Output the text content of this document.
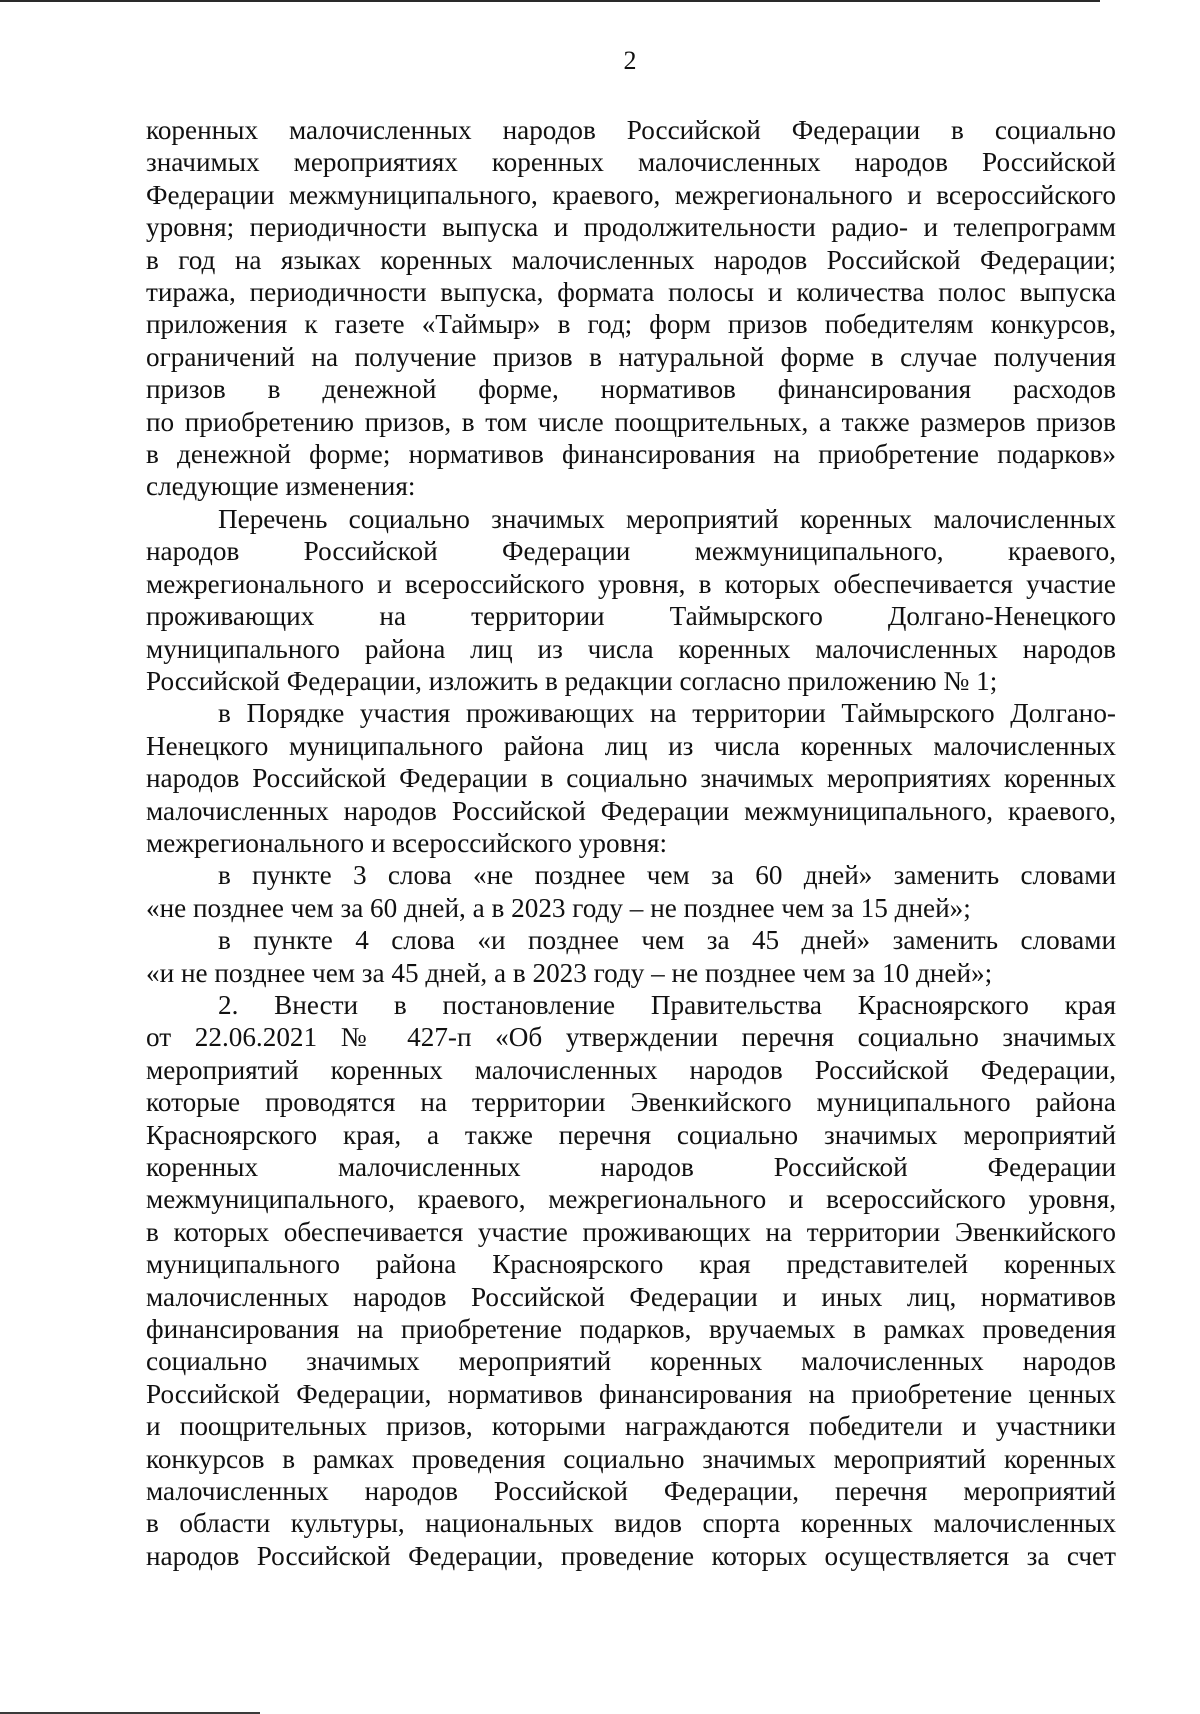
2
коренных малочисленных народов Российской Федерации в социально
значимых мероприятиях коренных малочисленных народов Российской
Федерации межмуниципального, краевого, межрегионального и всероссийского
уровня; периодичности выпуска и продолжительности радио- и телепрограмм
в год на языках коренных малочисленных народов Российской Федерации;
тиража, периодичности выпуска, формата полосы и количества полос выпуска
приложения к газете «Таймыр» в год; форм призов победителям конкурсов,
ограничений на получение призов в натуральной форме в случае получения
призов в денежной форме, нормативов финансирования расходов
по приобретению призов, в том числе поощрительных, а также размеров призов
в денежной форме; нормативов финансирования на приобретение подарков»
следующие изменения:
Перечень социально значимых мероприятий коренных малочисленных
народов Российской Федерации межмуниципального, краевого,
межрегионального и всероссийского уровня, в которых обеспечивается участие
проживающих на территории Таймырского Долгано-Ненецкого
муниципального района лиц из числа коренных малочисленных народов
Российской Федерации, изложить в редакции согласно приложению № 1;
в Порядке участия проживающих на территории Таймырского Долгано-
Ненецкого муниципального района лиц из числа коренных малочисленных
народов Российской Федерации в социально значимых мероприятиях коренных
малочисленных народов Российской Федерации межмуниципального, краевого,
межрегионального и всероссийского уровня:
в пункте 3 слова «не позднее чем за 60 дней» заменить словами
«не позднее чем за 60 дней, а в 2023 году – не позднее чем за 15 дней»;
в пункте 4 слова «и позднее чем за 45 дней» заменить словами
«и не позднее чем за 45 дней, а в 2023 году – не позднее чем за 10 дней»;
2. Внести в постановление Правительства Красноярского края
от 22.06.2021 № 427-п «Об утверждении перечня социально значимых
мероприятий коренных малочисленных народов Российской Федерации,
которые проводятся на территории Эвенкийского муниципального района
Красноярского края, а также перечня социально значимых мероприятий
коренных малочисленных народов Российской Федерации
межмуниципального, краевого, межрегионального и всероссийского уровня,
в которых обеспечивается участие проживающих на территории Эвенкийского
муниципального района Красноярского края представителей коренных
малочисленных народов Российской Федерации и иных лиц, нормативов
финансирования на приобретение подарков, вручаемых в рамках проведения
социально значимых мероприятий коренных малочисленных народов
Российской Федерации, нормативов финансирования на приобретение ценных
и поощрительных призов, которыми награждаются победители и участники
конкурсов в рамках проведения социально значимых мероприятий коренных
малочисленных народов Российской Федерации, перечня мероприятий
в области культуры, национальных видов спорта коренных малочисленных
народов Российской Федерации, проведение которых осуществляется за счет
